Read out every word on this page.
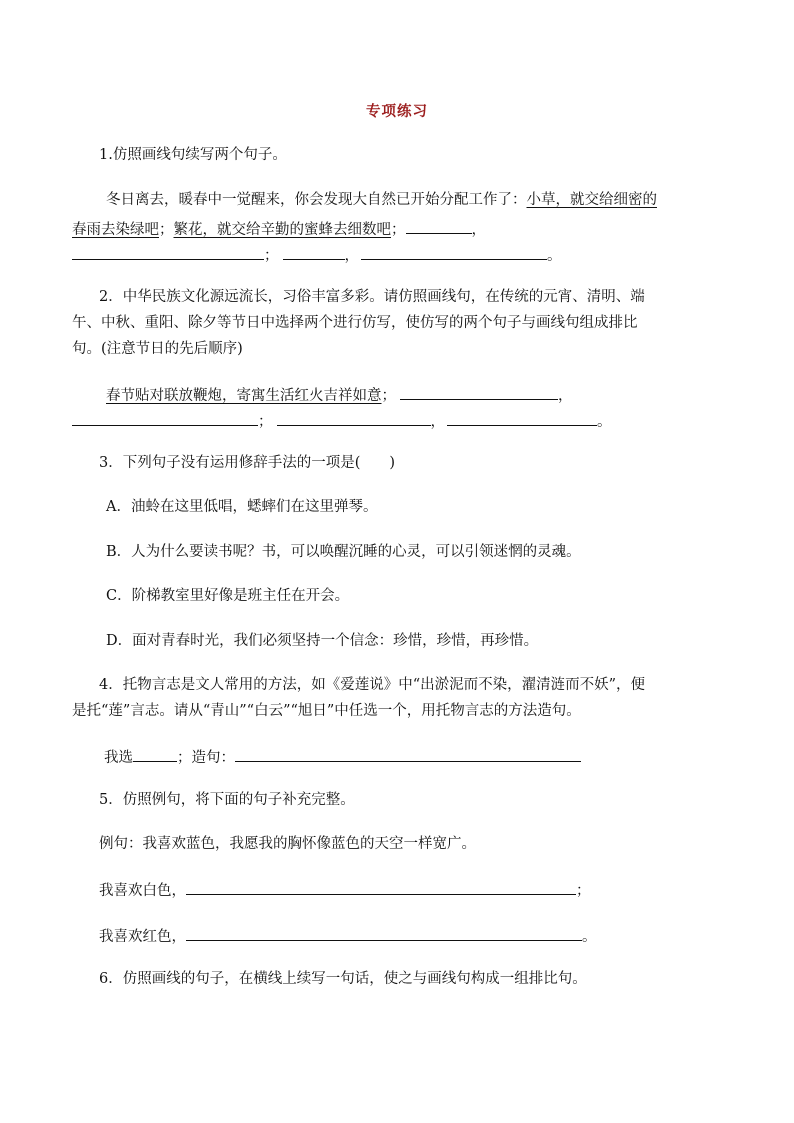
专项练习
1.仿照画线句续写两个句子。
冬日离去，暖春中一觉醒来，你会发现大自然已开始分配工作了：小草，就交给细密的
春雨去染绿吧；繁花，就交给辛勤的蜜蜂去细数吧；	，
；	，	。
2．中华民族文化源远流长，习俗丰富多彩。请仿照画线句，在传统的元宵、清明、端
午、中秋、重阳、除夕等节日中选择两个进行仿写，使仿写的两个句子与画线句组成排比
句。(注意节日的先后顺序)
春节贴对联放鞭炮，寄寓生活红火吉祥如意；	，
；	，	。
3．下列句子没有运用修辞手法的一项是(　　)
A．油蛉在这里低唱，蟋蟀们在这里弹琴。
B．人为什么要读书呢？书，可以唤醒沉睡的心灵，可以引领迷惘的灵魂。
C．阶梯教室里好像是班主任在开会。
D．面对青春时光，我们必须坚持一个信念：珍惜，珍惜，再珍惜。
4．托物言志是文人常用的方法，如《爱莲说》中“出淤泥而不染，濯清涟而不妖”，便
是托“莲”言志。请从“青山”“白云”“旭日”中任选一个，用托物言志的方法造句。
我选	；造句：
5．仿照例句，将下面的句子补充完整。
例句：我喜欢蓝色，我愿我的胸怀像蓝色的天空一样宽广。
我喜欢白色，	；
我喜欢红色，	。
6．仿照画线的句子，在横线上续写一句话，使之与画线句构成一组排比句。
